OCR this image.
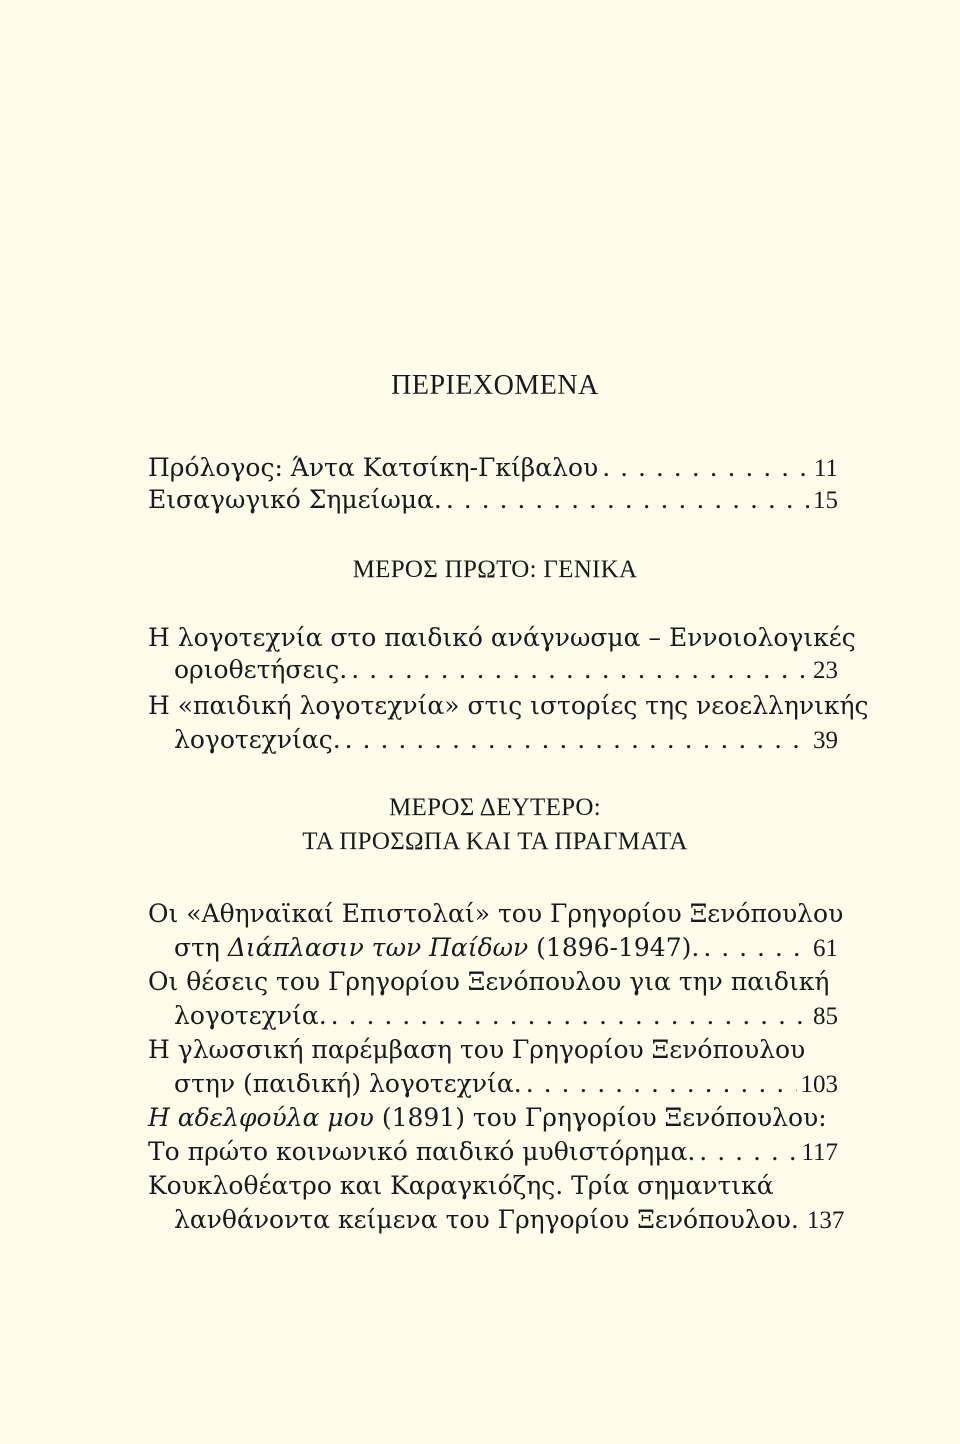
ΠΕΡΙΕΧΟΜΕΝΑ
Πρόλογος: Άντα Κατσίκη-Γκίβαλου . . .	11
Εισαγωγικό Σημείωμα. . . .	15
ΜΕΡΟΣ ΠΡΩΤΟ: ΓΕΝΙΚΑ
Η λογοτεχνία στο παιδικό ανάγνωσμα – Εννοιολογικές
οριοθετήσεις. . . .	23
Η «παιδική λογοτεχνία» στις ιστορίες της νεοελληνικής
λογοτεχνίας. . . .	39
ΜΕΡΟΣ ΔΕΥΤΕΡΟ:
ΤΑ ΠΡΟΣΩΠΑ ΚΑΙ ΤΑ ΠΡΑΓΜΑΤΑ
Οι «Αθηναϊκαί Επιστολαί» του Γρηγορίου Ξενόπουλου
στη Διάπλασιν των Παίδων (1896-1947). . . .	61
Οι θέσεις του Γρηγορίου Ξενόπουλου για την παιδική
λογοτεχνία. . . .	85
Η γλωσσική παρέμβαση του Γρηγορίου Ξενόπουλου
στην (παιδική) λογοτεχνία. . . .	103
Η αδελφούλα μου (1891) του Γρηγορίου Ξενόπουλου:
Το πρώτο κοινωνικό παιδικό μυθιστόρημα. . . .	117
Κουκλοθέατρο και Καραγκιόζης. Τρία σημαντικά
λανθάνοντα κείμενα του Γρηγορίου Ξενόπουλου. . . . 137
